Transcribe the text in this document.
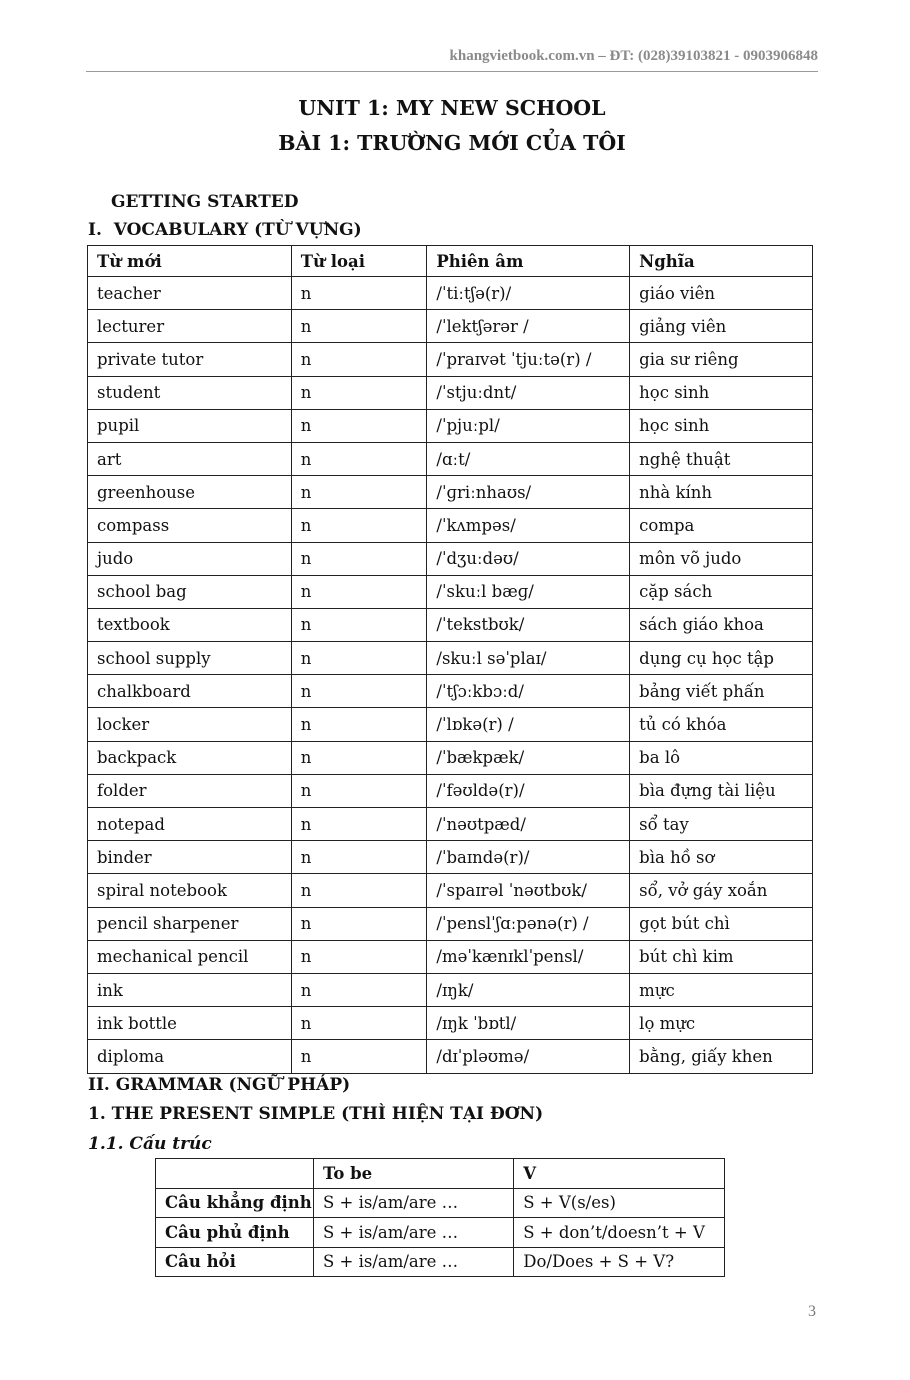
khangvietbook.com.vn – ĐT: (028)39103821 - 0903906848
UNIT 1: MY NEW SCHOOL
BÀI 1: TRƯỜNG MỚI CỦA TÔI
GETTING STARTED
I.  VOCABULARY (TỪ VỰNG)
Từ mới	Từ loại	Phiên âm	Nghĩa
teacher	n	/ˈtiːtʃə(r)/	giáo viên
lecturer	n	/ˈlektʃərər /	giảng viên
private tutor	n	/ˈpraɪvət ˈtjuːtə(r) /	gia sư riêng
student	n	/ˈstjuːdnt/	học sinh
pupil	n	/ˈpjuːpl/	học sinh
art	n	/ɑːt/	nghệ thuật
greenhouse	n	/ˈɡriːnhaʊs/	nhà kính
compass	n	/ˈkʌmpəs/	compa
judo	n	/ˈdʒuːdəʊ/	môn võ judo
school bag	n	/ˈskuːl bæɡ/	cặp sách
textbook	n	/ˈtekstbʊk/	sách giáo khoa
school supply	n	/skuːl səˈplaɪ/	dụng cụ học tập
chalkboard	n	/ˈtʃɔːkbɔːd/	bảng viết phấn
locker	n	/ˈlɒkə(r) /	tủ có khóa
backpack	n	/ˈbækpæk/	ba lô
folder	n	/ˈfəʊldə(r)/	bìa đựng tài liệu
notepad	n	/ˈnəʊtpæd/	sổ tay
binder	n	/ˈbaɪndə(r)/	bìa hồ sơ
spiral notebook	n	/ˈspaɪrəl ˈnəʊtbʊk/	sổ, vở gáy xoắn
pencil sharpener	n	/ˈpenslˈʃɑːpənə(r) /	gọt bút chì
mechanical pencil	n	/məˈkænɪklˈpensl/	bút chì kim
ink	n	/ɪŋk/	mực
ink bottle	n	/ɪŋk ˈbɒtl/	lọ mực
diploma	n	/dɪˈpləʊmə/	bằng, giấy khen
II. GRAMMAR (NGỮ PHÁP)
1. THE PRESENT SIMPLE (THÌ HIỆN TẠI ĐƠN)
1.1. Cấu trúc
	To be	V
Câu khẳng định	S + is/am/are …	S + V(s/es)
Câu phủ định	S + is/am/are …	S + don’t/doesn’t + V
Câu hỏi	S + is/am/are …	Do/Does + S + V?
3
